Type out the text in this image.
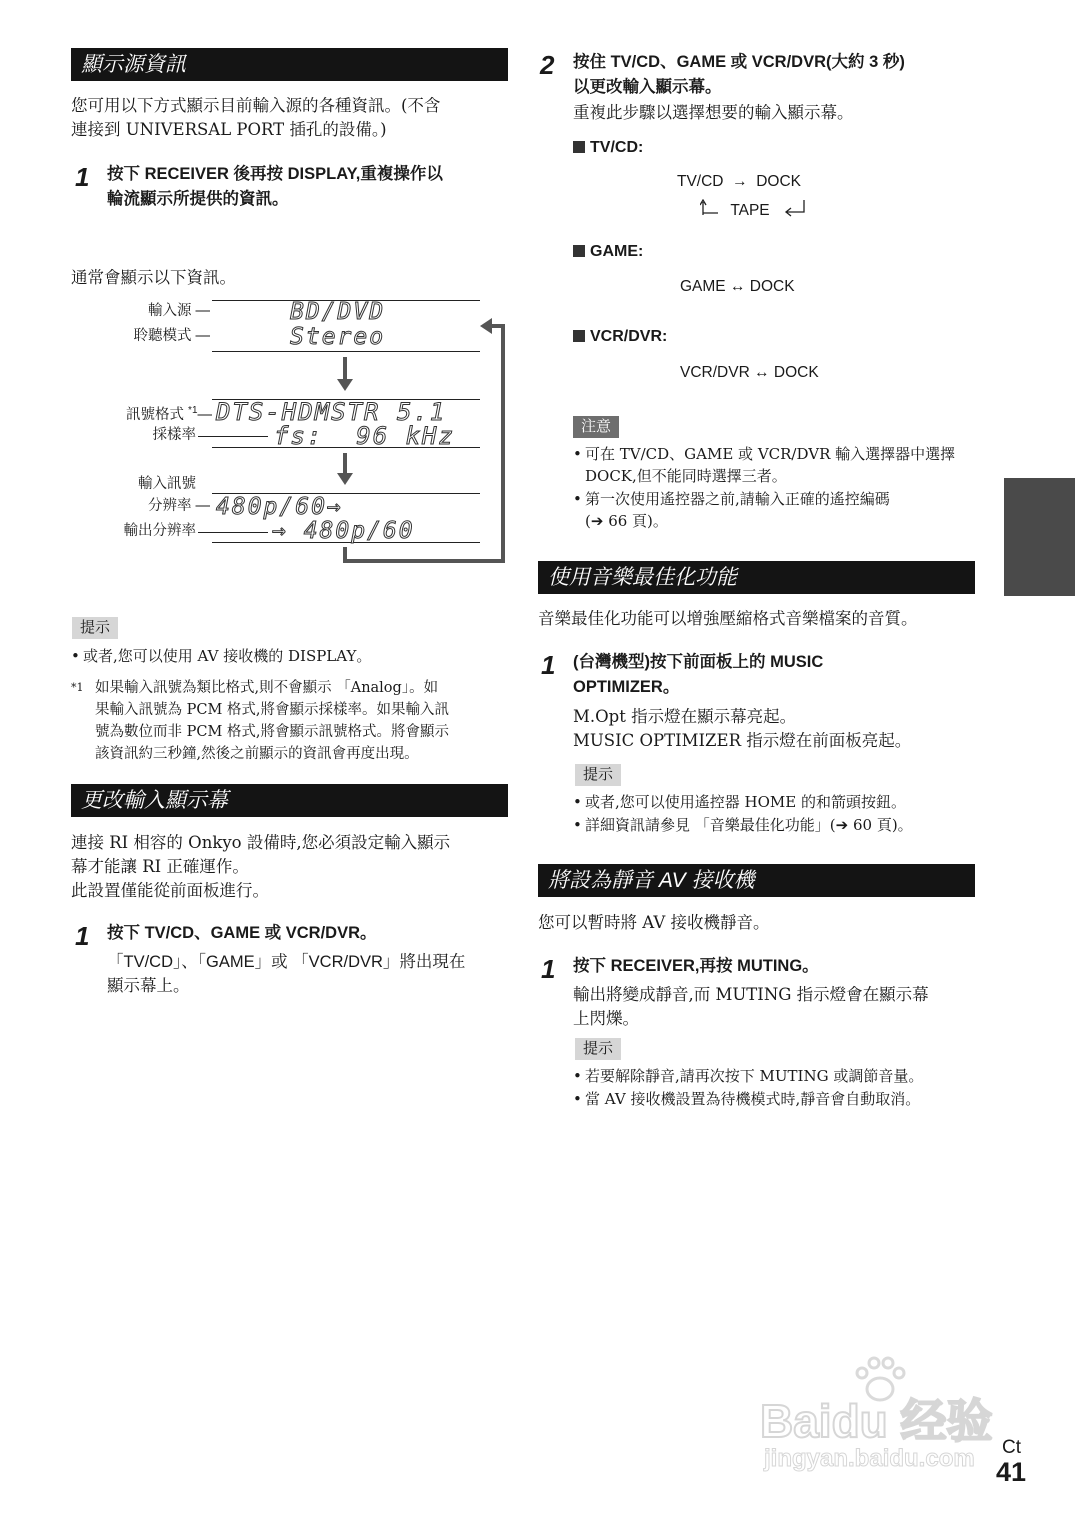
顯示源資訊
您可用以下方式顯示目前輸入源的各種資訊。(不含
連接到 UNIVERSAL PORT 插孔的設備。)
1 按下 RECEIVER 後再按 DISPLAY,重複操作以
輪流顯示所提供的資訊。
通常會顯示以下資訊。
輸入源 —
聆聽模式 —
訊號格式 $^{*1}$—
採樣率
輸入訊號
分辨率 —
輸出分辨率
BD/DVD
Stereo
DTS-HDMSTR 5.1
fs:  96 kHz
480p/60→
→ 480p/60
提示
• 或者,您可以使用 AV 接收機的 DISPLAY。
*1 如果輸入訊號為類比格式,則不會顯示 「Analog」。如
果輸入訊號為 PCM 格式,將會顯示採樣率。如果輸入訊
號為數位而非 PCM 格式,將會顯示訊號格式。將會顯示
該資訊約三秒鐘,然後之前顯示的資訊會再度出現。
更改輸入顯示幕
連接 RI 相容的 Onkyo 設備時,您必須設定輸入顯示
幕才能讓 RI 正確運作。
此設置僅能從前面板進行。
1 按下 TV/CD、GAME 或 VCR/DVR。
「TV/CD」、「GAME」或 「VCR/DVR」將出現在
顯示幕上。
2 按住 TV/CD、GAME 或 VCR/DVR(大約 3 秒)
以更改輸入顯示幕。
重複此步驟以選擇想要的輸入顯示幕。
TV/CD:
TV/CD  →  DOCK
TAPE
GAME:
GAME ↔ DOCK
VCR/DVR:
VCR/DVR ↔ DOCK
注意
• 可在 TV/CD、GAME 或 VCR/DVR 輸入選擇器中選擇
DOCK,但不能同時選擇三者。
• 第一次使用遙控器之前,請輸入正確的遙控編碼
(➔ 66 頁)。
使用音樂最佳化功能
音樂最佳化功能可以增強壓縮格式音樂檔案的音質。
1 (台灣機型)按下前面板上的 MUSIC
OPTIMIZER。
M.Opt 指示燈在顯示幕亮起。
MUSIC OPTIMIZER 指示燈在前面板亮起。
提示
• 或者,您可以使用遙控器 HOME 的和箭頭按鈕。
• 詳細資訊請參見 「音樂最佳化功能」(➔ 60 頁)。
將設為靜音 AV 接收機
您可以暫時將 AV 接收機靜音。
1 按下 RECEIVER,再按 MUTING。
輸出將變成靜音,而 MUTING 指示燈會在顯示幕
上閃爍。
提示
• 若要解除靜音,請再次按下 MUTING 或調節音量。
• 當 AV 接收機設置為待機模式時,靜音會自動取消。
Baidu 经验
jingyan.baidu.com Ct
41
